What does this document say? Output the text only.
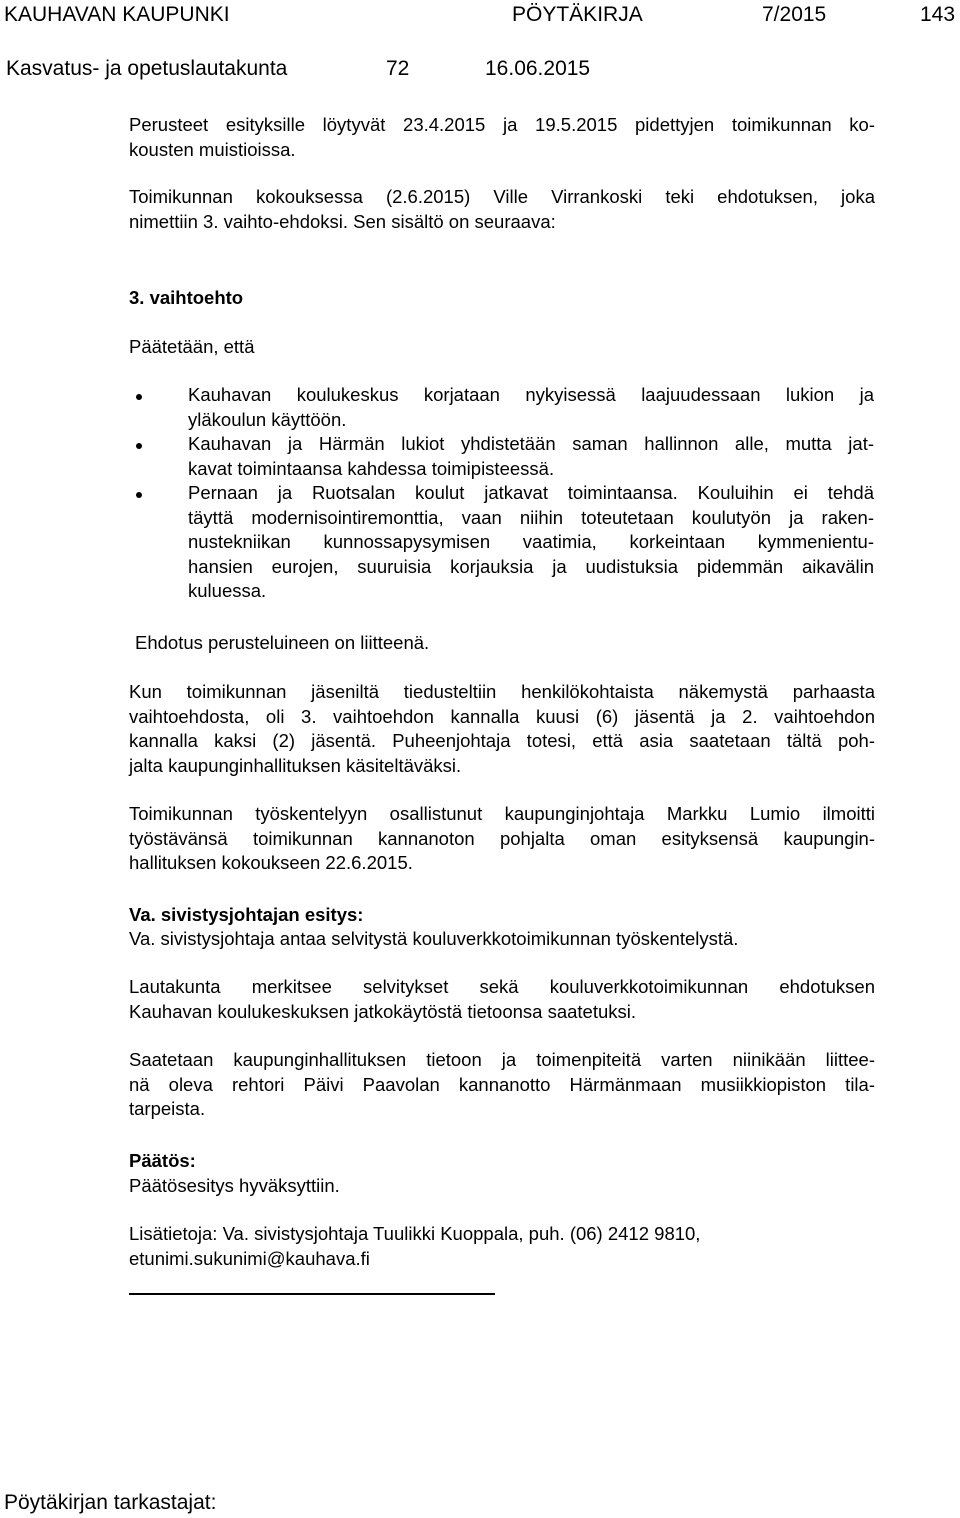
KAUHAVAN KAUPUNKI	PÖYTÄKIRJA	7/2015	143
Kasvatus- ja opetuslautakunta	72	16.06.2015
Perusteet esityksille löytyvät 23.4.2015 ja 19.5.2015 pidettyjen toimikunnan ko-
kousten muistioissa.
Toimikunnan kokouksessa (2.6.2015) Ville Virrankoski teki ehdotuksen, joka
nimettiin 3. vaihto-ehdoksi. Sen sisältö on seuraava:
3. vaihtoehto
Päätetään, että
Kauhavan koulukeskus korjataan nykyisessä laajuudessaan lukion ja
yläkoulun käyttöön.
Kauhavan ja Härmän lukiot yhdistetään saman hallinnon alle, mutta jat-
kavat toimintaansa kahdessa toimipisteessä.
Pernaan ja Ruotsalan koulut jatkavat toimintaansa. Kouluihin ei tehdä
täyttä modernisointiremonttia, vaan niihin toteutetaan koulutyön ja raken-
nustekniikan kunnossapysymisen vaatimia, korkeintaan kymmenientu-
hansien eurojen, suuruisia korjauksia ja uudistuksia pidemmän aikavälin
kuluessa.
Ehdotus perusteluineen on liitteenä.
Kun toimikunnan jäseniltä tiedusteltiin henkilökohtaista näkemystä parhaasta
vaihtoehdosta, oli 3. vaihtoehdon kannalla kuusi (6) jäsentä ja 2. vaihtoehdon
kannalla kaksi (2) jäsentä. Puheenjohtaja totesi, että asia saatetaan tältä poh-
jalta kaupunginhallituksen käsiteltäväksi.
Toimikunnan työskentelyyn osallistunut kaupunginjohtaja Markku Lumio ilmoitti
työstävänsä toimikunnan kannanoton pohjalta oman esityksensä kaupungin-
hallituksen kokoukseen 22.6.2015.
Va. sivistysjohtajan esitys:
Va. sivistysjohtaja antaa selvitystä kouluverkkotoimikunnan työskentelystä.
Lautakunta merkitsee selvitykset sekä kouluverkkotoimikunnan ehdotuksen
Kauhavan koulukeskuksen jatkokäytöstä tietoonsa saatetuksi.
Saatetaan kaupunginhallituksen tietoon ja toimenpiteitä varten niinikään liittee-
nä oleva rehtori Päivi Paavolan kannanotto Härmänmaan musiikkiopiston tila-
tarpeista.
Päätös:
Päätösesitys hyväksyttiin.
Lisätietoja: Va. sivistysjohtaja Tuulikki Kuoppala, puh. (06) 2412 9810,
etunimi.sukunimi@kauhava.fi
Pöytäkirjan tarkastajat:
